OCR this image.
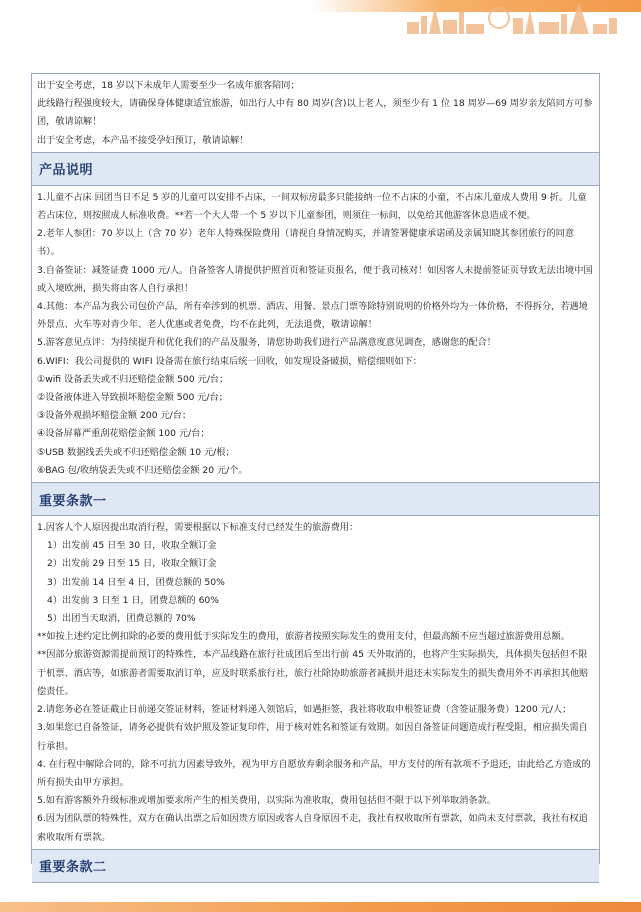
出于安全考虑，18 岁以下未成年人需要至少一名成年旅客陪同；
此线路行程强度较大，请确保身体健康适宜旅游，如出行人中有 80 周岁(含)以上老人，须至少有 1 位 18 周岁—69 周岁亲友陪同方可参团，敬请谅解！
出于安全考虑，本产品不接受孕妇预订，敬请谅解！
产品说明
1.儿童不占床 回团当日不足 5 岁的儿童可以安排不占床，一间双标房最多只能接纳一位不占床的小童，不占床儿童成人费用 9 折。儿童若占床位，则按照成人标准收费。**若一个大人带一个 5 岁以下儿童参团，则须住一标间，以免给其他游客休息造成不便。
2.老年人参团：70 岁以上（含 70 岁）老年人特殊保险费用（请视自身情况购买，并请签署健康承诺函及亲属知晓其参团旅行的同意书）。
3.自备签证：减签证费 1000 元/人。自备签客人请提供护照首页和签证页报名，便于我司核对！如因客人未提前签证页导致无法出境中国或入境欧洲，损失将由客人自行承担！
4.其他：本产品为我公司包价产品，所有牵涉到的机票、酒店、用餐、景点门票等除特别说明的价格外均为一体价格，不得拆分，若遇境外景点、火车等对青少年、老人优惠或者免费，均不在此列，无法退费，敬请谅解！
5.游客意见点评：为持续提升和优化我们的产品及服务，请您协助我们进行产品满意度意见调查，感谢您的配合！
6.WIFI：我公司提供的 WIFI 设备需在旅行结束后统一回收，如发现设备破损，赔偿细则如下：
①wifi 设备丢失或不归还赔偿金额 500 元/台；
②设备液体进入导致损坏赔偿金额 500 元/台；
③设备外观损坏赔偿金额 200 元/台；
④设备屏幕严重刮花赔偿金额 100 元/台；
⑤USB 数据线丢失或不归还赔偿金额 10 元/根；
⑥BAG 包/收纳袋丢失或不归还赔偿金额 20 元/个。
重要条款一
1.因客人个人原因提出取消行程，需要根据以下标准支付已经发生的旅游费用：
1）出发前 45 日至 30 日，收取全额订金
2）出发前 29 日至 15 日，收取全额订金
3）出发前 14 日至 4 日，团费总额的 50%
4）出发前 3 日至 1 日，团费总额的 60%
5）出团当天取消，团费总额的 70%
**如按上述约定比例扣除的必要的费用低于实际发生的费用，旅游者按照实际发生的费用支付，但最高额不应当超过旅游费用总额。
**因部分旅游资源需提前预订的特殊性，本产品线路在旅行社成团后至出行前 45 天外取消的，也将产生实际损失，具体损失包括但不限于机票、酒店等，如旅游者需要取消订单，应及时联系旅行社，旅行社除协助旅游者减损并退还未实际发生的损失费用外不再承担其他赔偿责任。
2.请您务必在签证截止日前递交签证材料，签证材料递入领馆后，如遇拒签，我社将收取申根签证费（含签证服务费）1200 元/人；
3.如果您已自备签证，请务必提供有效护照及签证复印件，用于核对姓名和签证有效期。如因自备签证问题造成行程受阻，相应损失需自行承担。
4. 在行程中解除合同的，除不可抗力因素导致外，视为甲方自愿放弃剩余服务和产品，甲方支付的所有款项不予退还，由此给乙方造成的所有损失由甲方承担。
5.如有游客额外升级标准或增加要求所产生的相关费用，以实际为准收取，费用包括但不限于以下列举取消条款。
6.因为团队票的特殊性，双方在确认出票之后如因贵方原因或客人自身原因不走，我社有权收取所有票款，如尚未支付票款，我社有权追索收取所有票款。
重要条款二
